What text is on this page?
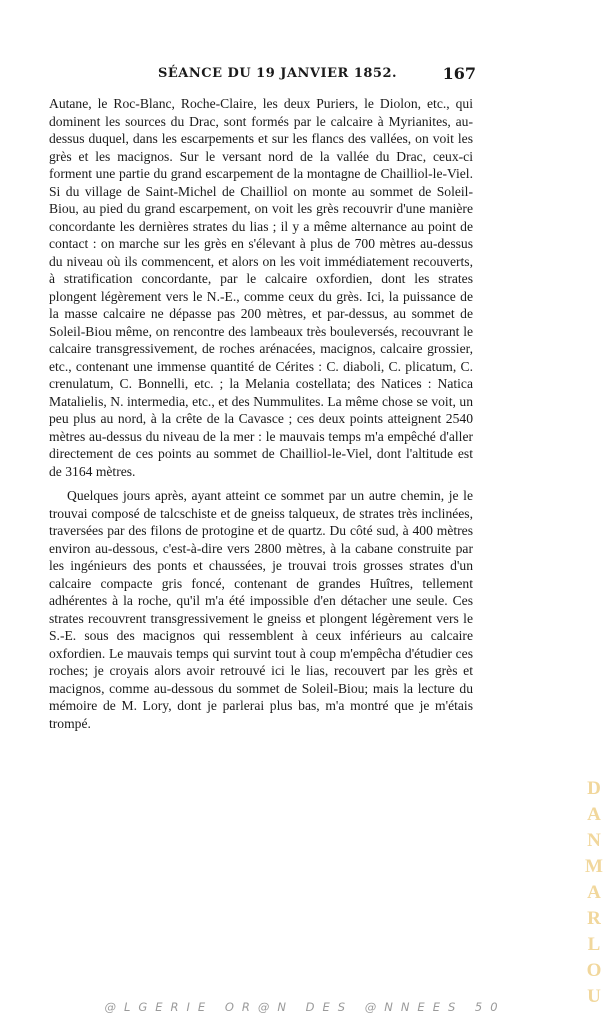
SÉANCE DU 19 JANVIER 1852.	167

Autane, le Roc-Blanc, Roche-Claire, les deux Puriers, le Diolon, etc., qui dominent les sources du Drac, sont formés par le calcaire à Myrianites, au-dessus duquel, dans les escarpements et sur les flancs des vallées, on voit les grès et les macignos. Sur le versant nord de la vallée du Drac, ceux-ci forment une partie du grand escarpement de la montagne de Chailliol-le-Viel. Si du village de Saint-Michel de Chailliol on monte au sommet de Soleil-Biou, au pied du grand escarpement, on voit les grès recouvrir d'une manière concordante les dernières strates du lias ; il y a même alternance au point de contact : on marche sur les grès en s'élevant à plus de 700 mètres au-dessus du niveau où ils commencent, et alors on les voit immédiatement recouverts, à stratification concordante, par le calcaire oxfordien, dont les strates plongent légèrement vers le N.-E., comme ceux du grès. Ici, la puissance de la masse calcaire ne dépasse pas 200 mètres, et par-dessus, au sommet de Soleil-Biou même, on rencontre des lambeaux très bouleversés, recouvrant le calcaire transgressivement, de roches arénacées, macignos, calcaire grossier, etc., contenant une immense quantité de Cérites : C. diaboli, C. plicatum, C. crenulatum, C. Bonnelli, etc. ; la Melania costellata; des Natices : Natica Matalielis, N. intermedia, etc., et des Nummulites. La même chose se voit, un peu plus au nord, à la crête de la Cavasce ; ces deux points atteignent 2540 mètres au-dessus du niveau de la mer : le mauvais temps m'a empêché d'aller directement de ces points au sommet de Chailliol-le-Viel, dont l'altitude est de 3164 mètres.

Quelques jours après, ayant atteint ce sommet par un autre chemin, je le trouvai composé de talcschiste et de gneiss talqueux, de strates très inclinées, traversées par des filons de protogine et de quartz. Du côté sud, à 400 mètres environ au-dessous, c'est-à-dire vers 2800 mètres, à la cabane construite par les ingénieurs des ponts et chaussées, je trouvai trois grosses strates d'un calcaire compacte gris foncé, contenant de grandes Huîtres, tellement adhérentes à la roche, qu'il m'a été impossible d'en détacher une seule. Ces strates recouvrent transgressivement le gneiss et plongent légèrement vers le S.-E. sous des macignos qui ressemblent à ceux inférieurs au calcaire oxfordien. Le mauvais temps qui survint tout à coup m'empêcha d'étudier ces roches; je croyais alors avoir retrouvé ici le lias, recouvert par les grès et macignos, comme au-dessous du sommet de Soleil-Biou; mais la lecture du mémoire de M. Lory, dont je parlerai plus bas, m'a montré que je m'étais trompé.

D
A
N
M
A
R
L
O
U
@LGERIE OR@N DES @NNEES 50
